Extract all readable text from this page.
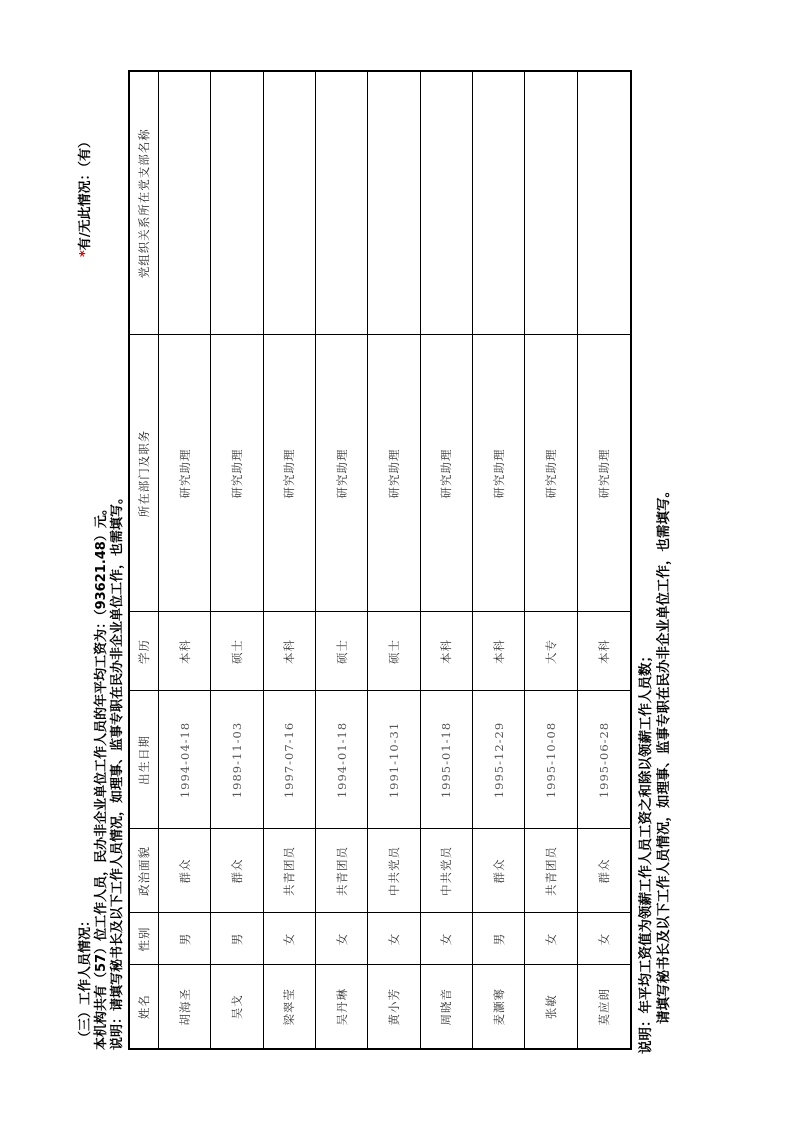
（三）工作人员情况：
*有/无此情况：（有）
本机构共有（57）位工作人员，民办非企业单位工作人员的年平均工资为：（93621.48）元。 说明：请填写秘书长及以下工作人员情况，如理事、监事专职在民办非企业单位工作，也需填写。 姓名	性别	政治面貌	出生日期	学历	所在部门及职务	党组织关系所在党支部名称
胡海圣	男	群众	1994-04-18	本科	研究助理	
吴戈	男	群众	1989-11-03	硕士	研究助理	
梁翠莹	女	共青团员	1997-07-16	本科	研究助理	
吴丹琳	女	共青团员	1994-01-18	硕士	研究助理	
黄小芳	女	中共党员	1991-10-31	硕士	研究助理	
周晓音	女	中共党员	1995-01-18	本科	研究助理	
麦灏骞	男	群众	1995-12-29	本科	研究助理	
张敏	女	共青团员	1995-10-08	大专	研究助理	
莫应朗	女	群众	1995-06-28	本科	研究助理	
说明：年平均工资值为领薪工作人员工资之和除以领薪工作人员数； 请填写秘书长及以下工作人员情况，如理事、监事专职在民办非企业单位工作，也需填写。
